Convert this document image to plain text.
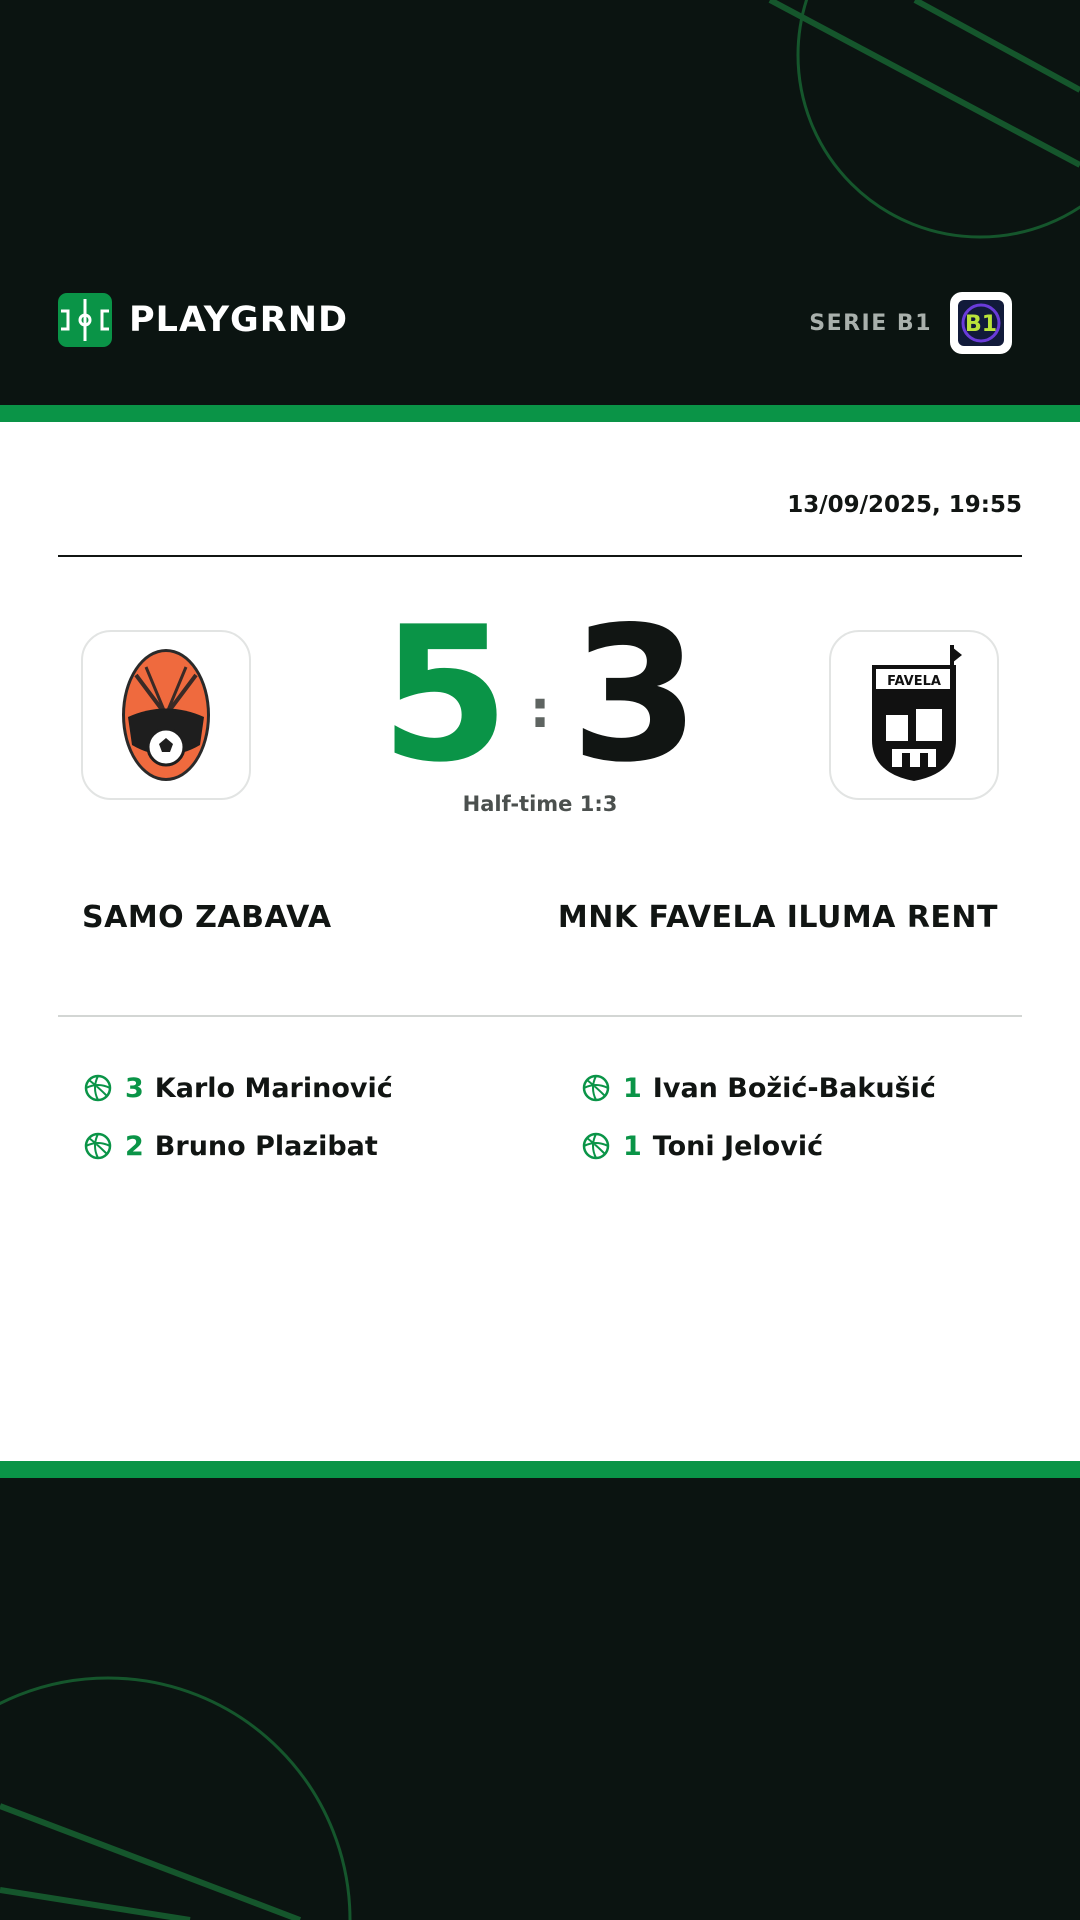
PLAYGRND	SERIE B1 B1
13/09/2025, 19:55
5 : 3
Half-time 1:3
FAVELA
SAMO ZABAVA	MNK FAVELA ILUMA RENT
3 Karlo Marinović
2 Bruno Plazibat
1 Ivan Božić-Bakušić
1 Toni Jelović
